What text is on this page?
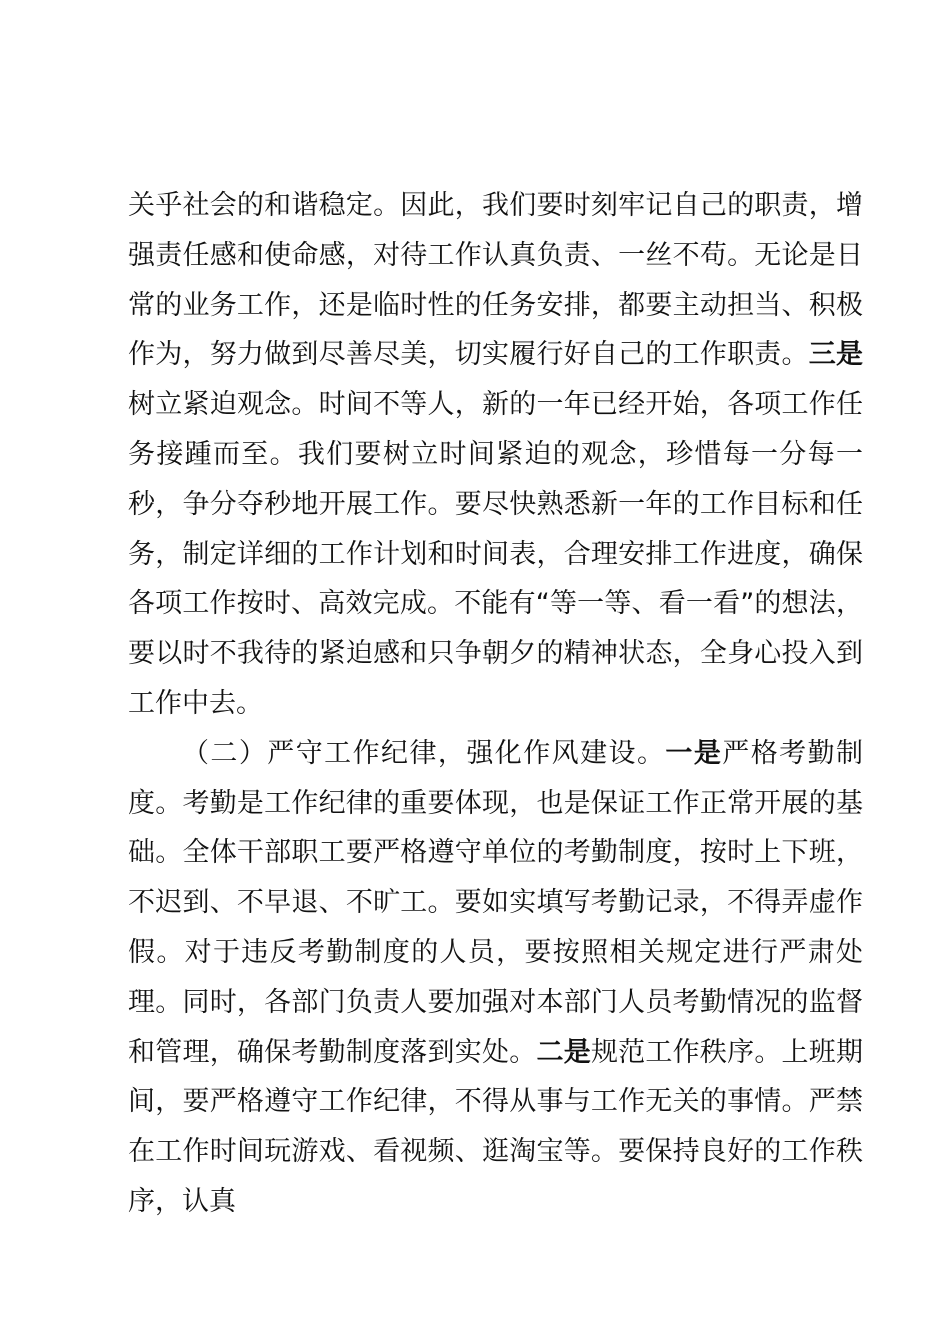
关乎社会的和谐稳定。因此，我们要时刻牢记自己的职责，增强责任感和使命感，对待工作认真负责、一丝不苟。无论是日常的业务工作，还是临时性的任务安排，都要主动担当、积极作为，努力做到尽善尽美，切实履行好自己的工作职责。三是树立紧迫观念。时间不等人，新的一年已经开始，各项工作任务接踵而至。我们要树立时间紧迫的观念，珍惜每一分每一秒，争分夺秒地开展工作。要尽快熟悉新一年的工作目标和任务，制定详细的工作计划和时间表，合理安排工作进度，确保各项工作按时、高效完成。不能有“等一等、看一看”的想法，要以时不我待的紧迫感和只争朝夕的精神状态，全身心投入到工作中去。

（二）严守工作纪律，强化作风建设。一是严格考勤制度。考勤是工作纪律的重要体现，也是保证工作正常开展的基础。全体干部职工要严格遵守单位的考勤制度，按时上下班，不迟到、不早退、不旷工。要如实填写考勤记录，不得弄虚作假。对于违反考勤制度的人员，要按照相关规定进行严肃处理。同时，各部门负责人要加强对本部门人员考勤情况的监督和管理，确保考勤制度落到实处。二是规范工作秩序。上班期间，要严格遵守工作纪律，不得从事与工作无关的事情。严禁在工作时间玩游戏、看视频、逛淘宝等。要保持良好的工作秩序，认真
